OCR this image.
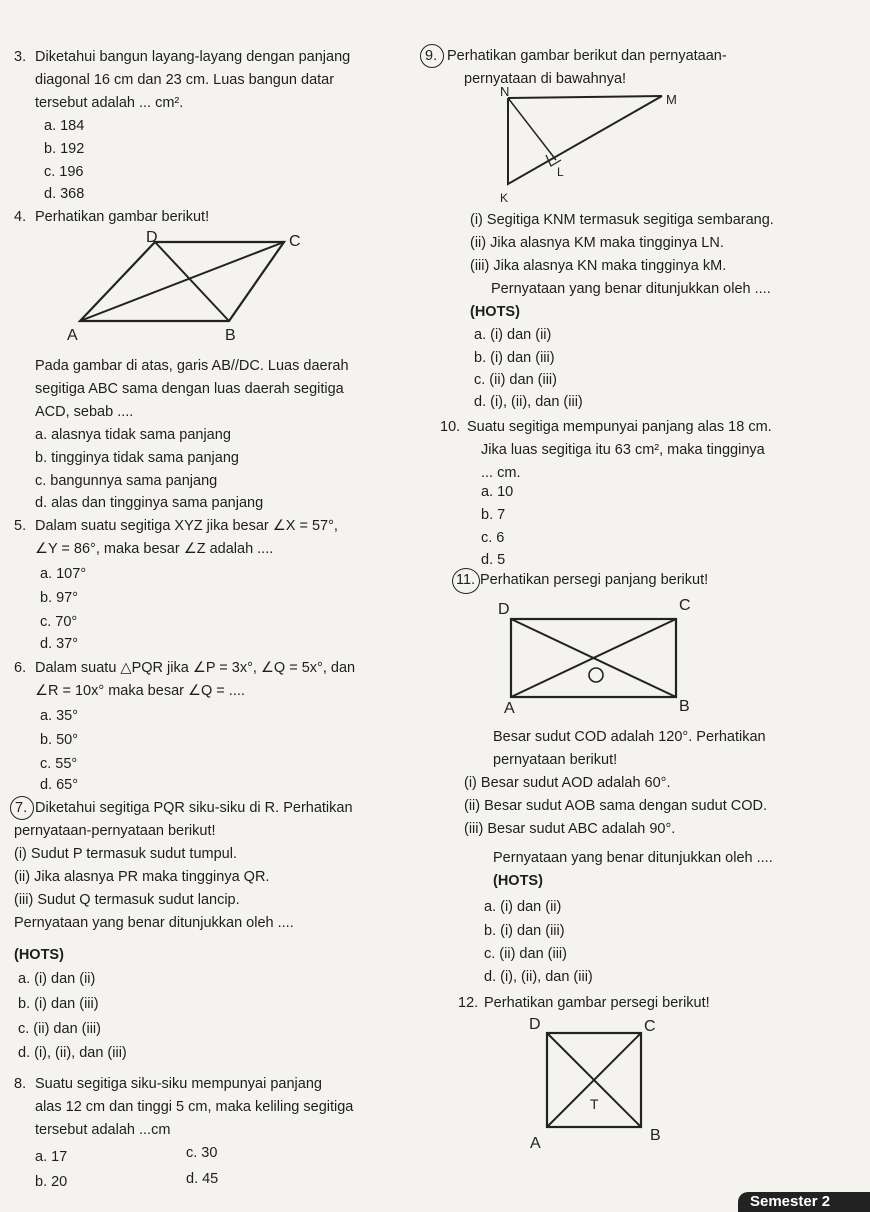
3. Diketahui bangun layang-layang dengan panjang
diagonal 16 cm dan 23 cm. Luas bangun datar
tersebut adalah ... cm².
a. 184
b. 192
c. 196
d. 368
4. Perhatikan gambar berikut!
D	C
A	B
Pada gambar di atas, garis AB//DC. Luas daerah
segitiga ABC sama dengan luas daerah segitiga
ACD, sebab ....
a. alasnya tidak sama panjang
b. tingginya tidak sama panjang
c. bangunnya sama panjang
d. alas dan tingginya sama panjang
5. Dalam suatu segitiga XYZ jika besar ∠X = 57°,
∠Y = 86°, maka besar ∠Z adalah ....
a. 107°
b. 97°
c. 70°
d. 37°
6. Dalam suatu △PQR jika ∠P = 3x°, ∠Q = 5x°, dan
∠R = 10x° maka besar ∠Q = ....
a. 35°
b. 50°
c. 55°
d. 65°
7. Diketahui segitiga PQR siku-siku di R. Perhatikan
pernyataan-pernyataan berikut!
(i) Sudut P termasuk sudut tumpul.
(ii) Jika alasnya PR maka tingginya QR.
(iii) Sudut Q termasuk sudut lancip.
Pernyataan yang benar ditunjukkan oleh ....
(HOTS)
a. (i) dan (ii)
b. (i) dan (iii)
c. (ii) dan (iii)
d. (i), (ii), dan (iii)
8. Suatu segitiga siku-siku mempunyai panjang
alas 12 cm dan tinggi 5 cm, maka keliling segitiga
tersebut adalah ...cm
a. 17	c. 30
b. 20	d. 45
9. Perhatikan gambar berikut dan pernyataan-
pernyataan di bawahnya!
N
M
L
K
(i) Segitiga KNM termasuk segitiga sembarang.
(ii) Jika alasnya KM maka tingginya LN.
(iii) Jika alasnya KN maka tingginya kM.
Pernyataan yang benar ditunjukkan oleh ....
(HOTS)
a. (i) dan (ii)
b. (i) dan (iii)
c. (ii) dan (iii)
d. (i), (ii), dan (iii)
10. Suatu segitiga mempunyai panjang alas 18 cm.
Jika luas segitiga itu 63 cm², maka tingginya
... cm.
a. 10
b. 7
c. 6
d. 5
11. Perhatikan persegi panjang berikut!
D	C
A	B
Besar sudut COD adalah 120°. Perhatikan
pernyataan berikut!
(i) Besar sudut AOD adalah 60°.
(ii) Besar sudut AOB sama dengan sudut COD.
(iii) Besar sudut ABC adalah 90°.
Pernyataan yang benar ditunjukkan oleh ....
(HOTS)
a. (i) dan (ii)
b. (i) dan (iii)
c. (ii) dan (iii)
d. (i), (ii), dan (iii)
12. Perhatikan gambar persegi berikut!
D	C
T
A	B
Semester 2
